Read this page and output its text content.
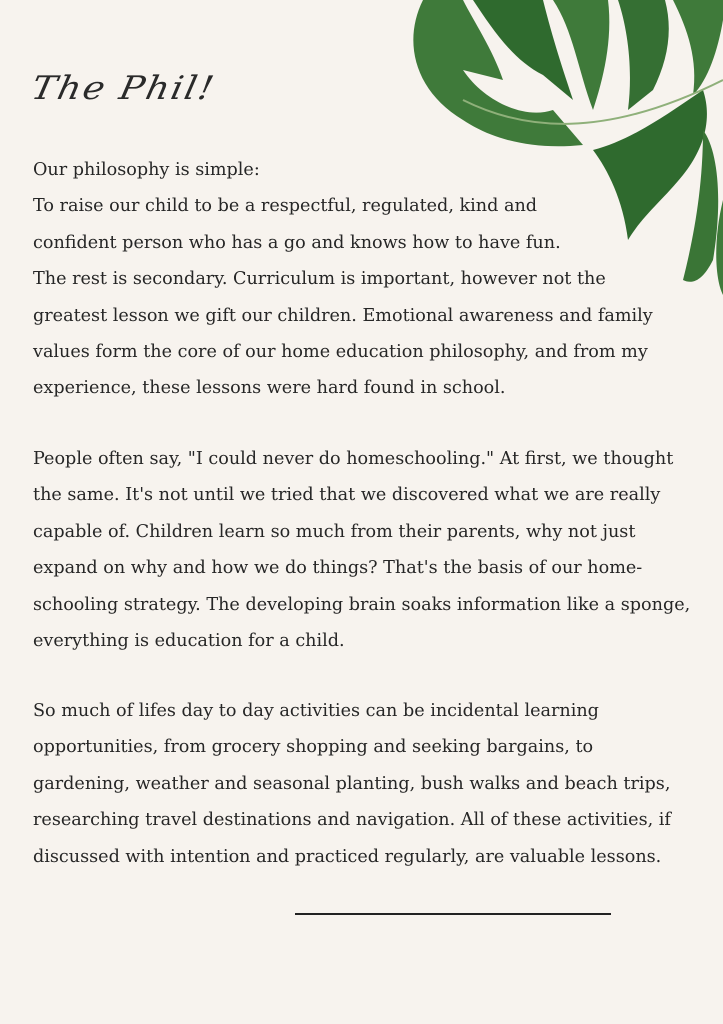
The Phil!
Our philosophy is simple:
To raise our child to be a respectful, regulated, kind and
confident person who has a go and knows how to have fun.
The rest is secondary. Curriculum is important, however not the
greatest lesson we gift our children. Emotional awareness and family
values form the core of our home education philosophy, and from my
experience, these lessons were hard found in school.
People often say, "I could never do homeschooling." At first, we thought
the same. It's not until we tried that we discovered what we are really
capable of. Children learn so much from their parents, why not just
expand on why and how we do things? That's the basis of our home-
schooling strategy. The developing brain soaks information like a sponge,
everything is education for a child.
So much of lifes day to day activities can be incidental learning
opportunities, from grocery shopping and seeking bargains, to
gardening, weather and seasonal planting, bush walks and beach trips,
researching travel destinations and navigation. All of these activities, if
discussed with intention and practiced regularly, are valuable lessons.
